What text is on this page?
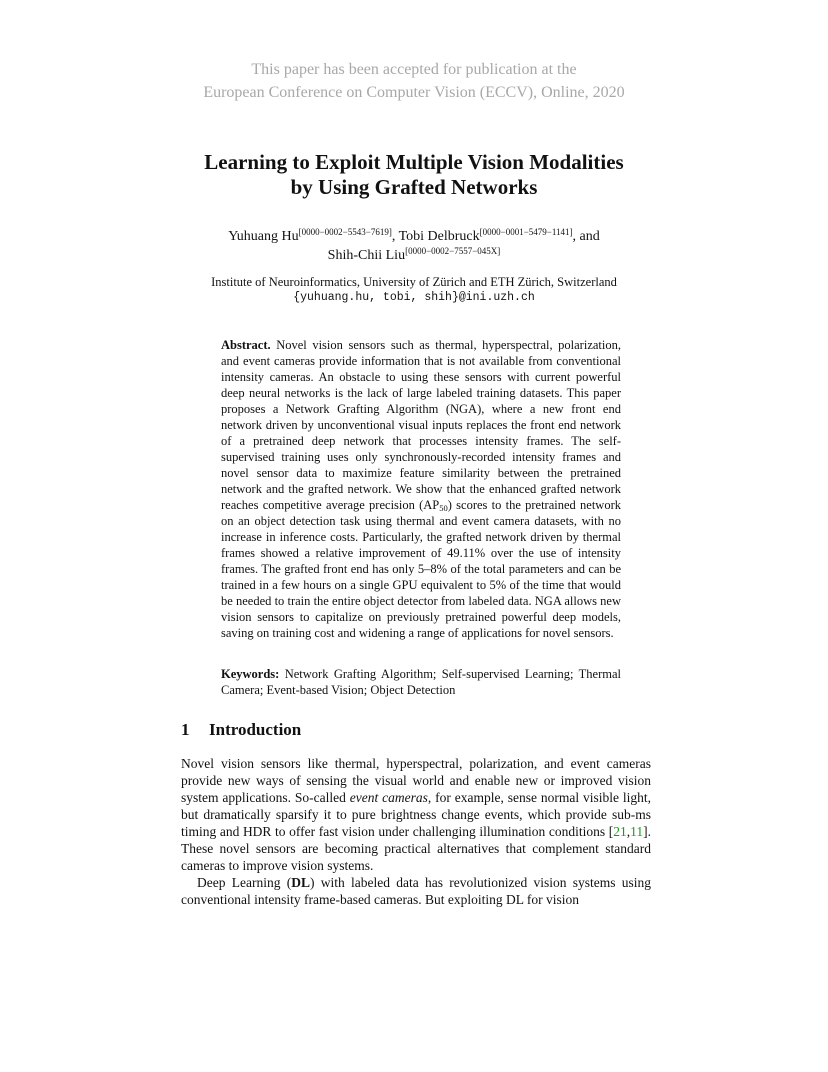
This paper has been accepted for publication at the
European Conference on Computer Vision (ECCV), Online, 2020
Learning to Exploit Multiple Vision Modalities
by Using Grafted Networks
Yuhuang Hu[0000−0002−5543−7619], Tobi Delbruck[0000−0001−5479−1141], and
Shih-Chii Liu[0000−0002−7557−045X]
Institute of Neuroinformatics, University of Zürich and ETH Zürich, Switzerland
{yuhuang.hu, tobi, shih}@ini.uzh.ch

Abstract. Novel vision sensors such as thermal, hyperspectral, polarization, and event cameras provide information that is not available from conventional intensity cameras. An obstacle to using these sensors with current powerful deep neural networks is the lack of large labeled training datasets. This paper proposes a Network Grafting Algorithm (NGA), where a new front end network driven by unconventional visual inputs replaces the front end network of a pretrained deep network that processes intensity frames. The self-supervised training uses only synchronously-recorded intensity frames and novel sensor data to maximize feature similarity between the pretrained network and the grafted network. We show that the enhanced grafted network reaches competitive average precision $(AP_{50})$ scores to the pretrained network on an object detection task using thermal and event camera datasets, with no increase in inference costs. Particularly, the grafted network driven by thermal frames showed a relative improvement of 49.11% over the use of intensity frames. The grafted front end has only 5–8% of the total parameters and can be trained in a few hours on a single GPU equivalent to 5% of the time that would be needed to train the entire object detector from labeled data. NGA allows new vision sensors to capitalize on previously pretrained powerful deep models, saving on training cost and widening a range of applications for novel sensors.

Keywords: Network Grafting Algorithm; Self-supervised Learning; Thermal Camera; Event-based Vision; Object Detection

1 Introduction

Novel vision sensors like thermal, hyperspectral, polarization, and event cameras provide new ways of sensing the visual world and enable new or improved vision system applications. So-called event cameras, for example, sense normal visible light, but dramatically sparsify it to pure brightness change events, which provide sub-ms timing and HDR to offer fast vision under challenging illumination conditions [21,11]. These novel sensors are becoming practical alternatives that complement standard cameras to improve vision systems.

Deep Learning (DL) with labeled data has revolutionized vision systems using conventional intensity frame-based cameras. But exploiting DL for vision
